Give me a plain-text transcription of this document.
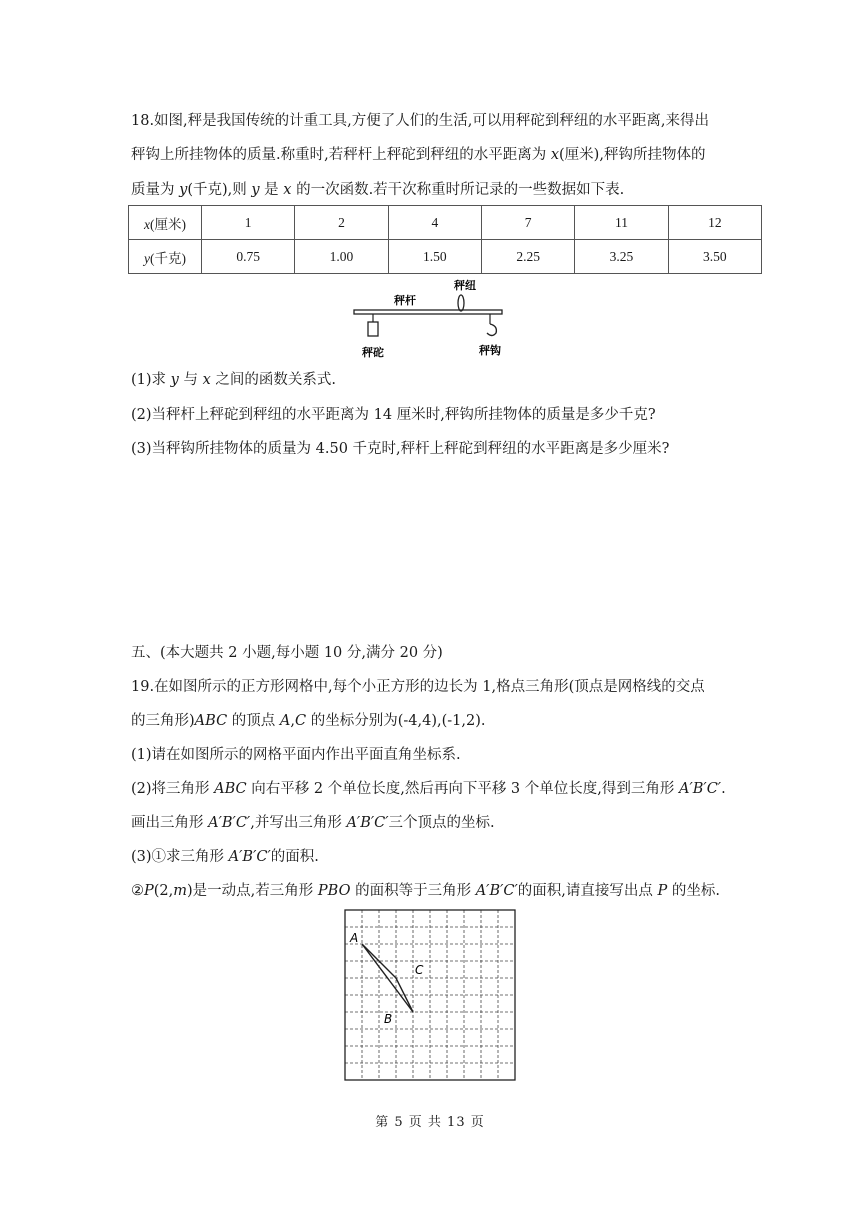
18.如图,秤是我国传统的计重工具,方便了人们的生活,可以用秤砣到秤纽的水平距离,来得出
秤钩上所挂物体的质量.称重时,若秤杆上秤砣到秤纽的水平距离为 x(厘米),秤钩所挂物体的
质量为 y(千克),则 y 是 x 的一次函数.若干次称重时所记录的一些数据如下表.
x(厘米)	1	2	4	7	11	12
y(千克)	0.75	1.00	1.50	2.25	3.25	3.50
秤纽
秤杆
秤砣	秤钩
(1)求 y 与 x 之间的函数关系式.
(2)当秤杆上秤砣到秤纽的水平距离为 14 厘米时,秤钩所挂物体的质量是多少千克?
(3)当秤钩所挂物体的质量为 4.50 千克时,秤杆上秤砣到秤纽的水平距离是多少厘米?
五、(本大题共 2 小题,每小题 10 分,满分 20 分)
19.在如图所示的正方形网格中,每个小正方形的边长为 1,格点三角形(顶点是网格线的交点
的三角形)ABC 的顶点 A,C 的坐标分别为(-4,4),(-1,2).
(1)请在如图所示的网格平面内作出平面直角坐标系.
(2)将三角形 ABC 向右平移 2 个单位长度,然后再向下平移 3 个单位长度,得到三角形 A′B′C′.
画出三角形 A′B′C′,并写出三角形 A′B′C′三个顶点的坐标.
(3)①求三角形 A′B′C′的面积.
②P(2,m)是一动点,若三角形 PBO 的面积等于三角形 A′B′C′的面积,请直接写出点 P 的坐标.
A
C
B
第 5 页 共 13 页
